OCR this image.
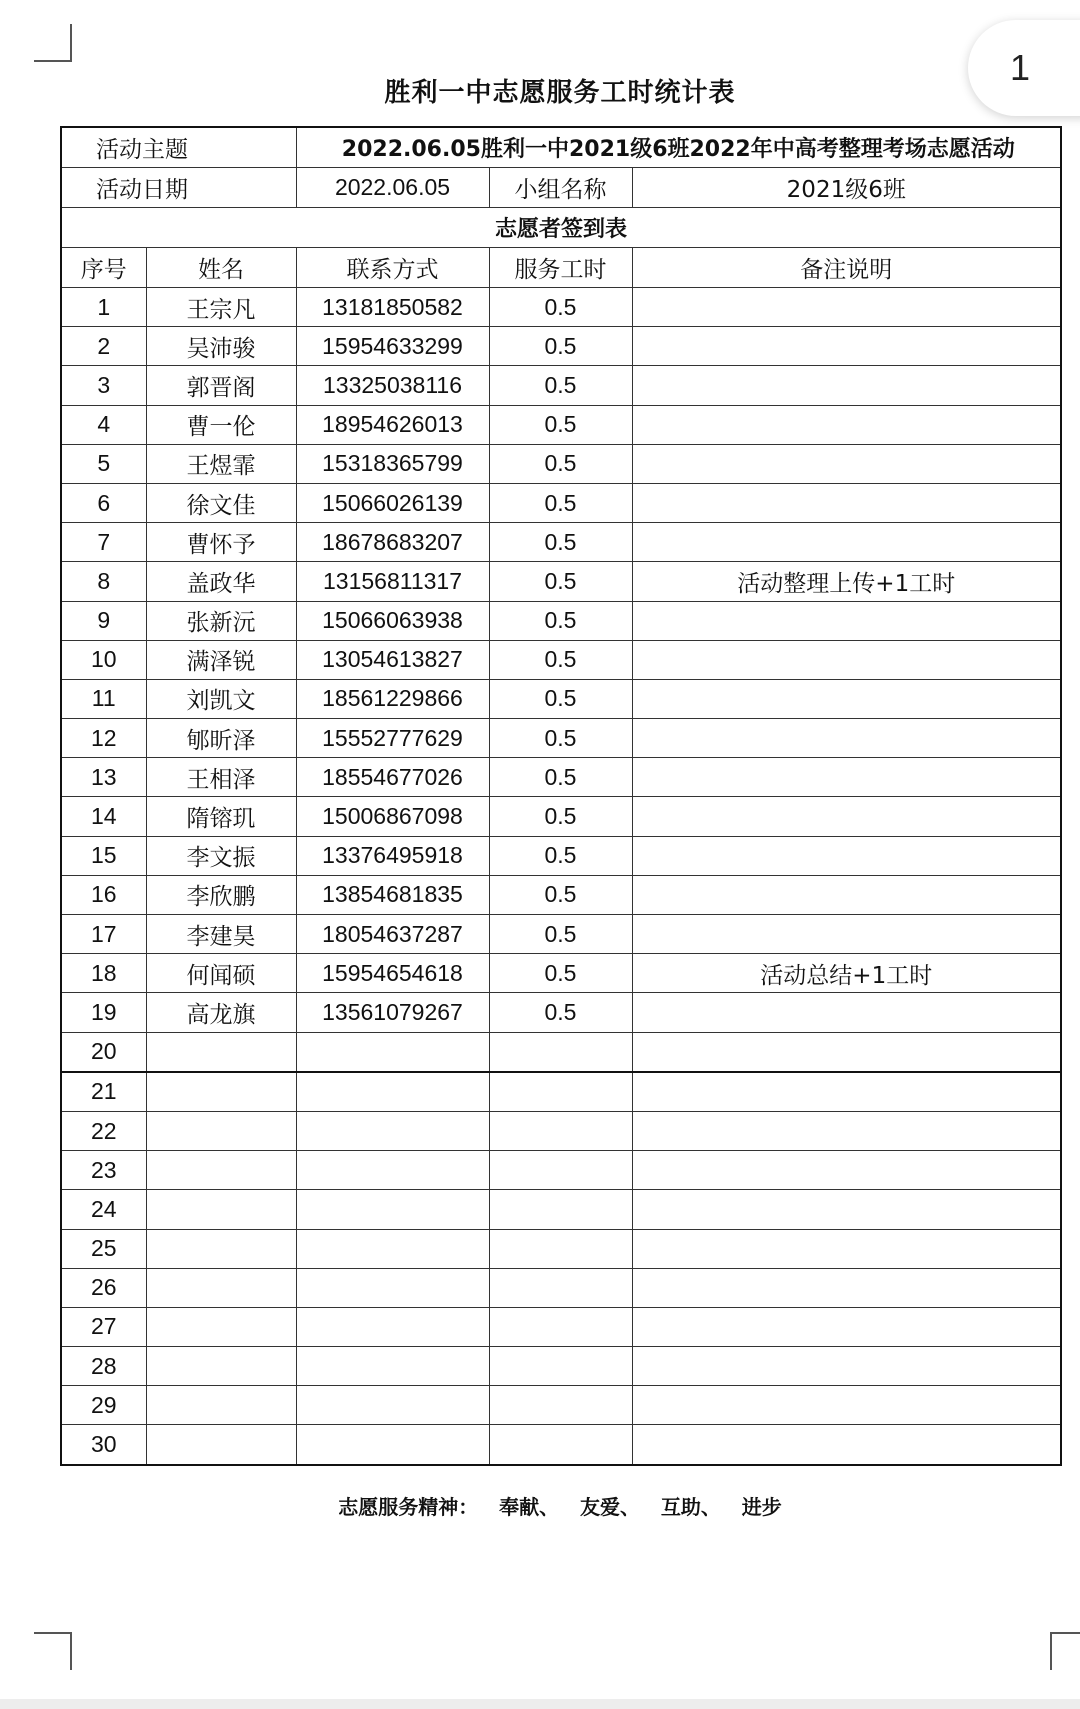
1
胜利一中志愿服务工时统计表
活动主题		2022.06.05胜利一中2021级6班2022年中高考整理考场志愿活动		
活动日期		2022.06.05	小组名称	2021级6班
志愿者签到表				
序号	姓名	联系方式	服务工时	备注说明
1	王宗凡	13181850582	0.5	
2	吴沛骏	15954633299	0.5	
3	郭晋阁	13325038116	0.5	
4	曹一伦	18954626013	0.5	
5	王煜霏	15318365799	0.5	
6	徐文佳	15066026139	0.5	
7	曹怀予	18678683207	0.5	
8	盖政华	13156811317	0.5	活动整理上传+1工时
9	张新沅	15066063938	0.5	
10	满泽锐	13054613827	0.5	
11	刘凯文	18561229866	0.5	
12	郇昕泽	15552777629	0.5	
13	王相泽	18554677026	0.5	
14	隋镕玑	15006867098	0.5	
15	李文振	13376495918	0.5	
16	李欣鹏	13854681835	0.5	
17	李建昊	18054637287	0.5	
18	何闻硕	15954654618	0.5	活动总结+1工时
19	高龙旗	13561079267	0.5	
20				
21				
22				
23				
24				
25				
26				
27				
28				
29				
30				
志愿服务精神：   奉献、   友爱、   互助、   进步
